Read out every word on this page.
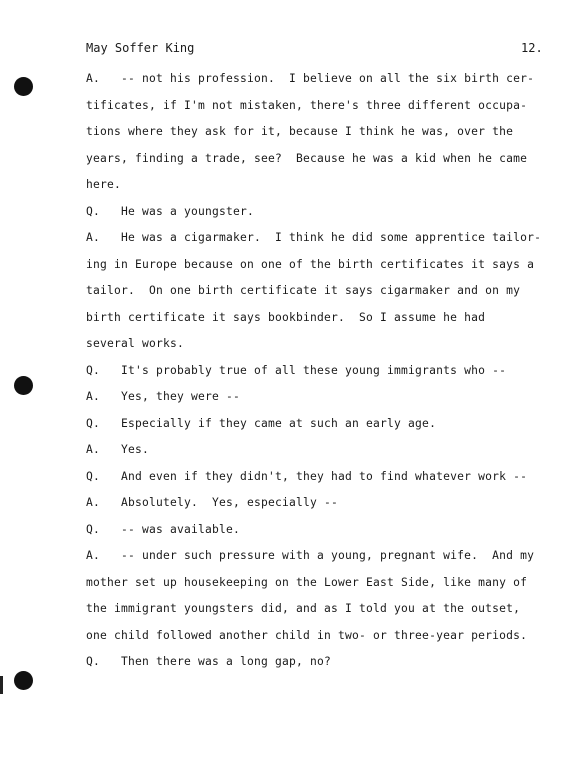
May Soffer King	12.
A.   -- not his profession.  I believe on all the six birth cer-
tificates, if I'm not mistaken, there's three different occupa-
tions where they ask for it, because I think he was, over the
years, finding a trade, see?  Because he was a kid when he came
here.
Q.   He was a youngster.
A.   He was a cigarmaker.  I think he did some apprentice tailor-
ing in Europe because on one of the birth certificates it says a
tailor.  On one birth certificate it says cigarmaker and on my
birth certificate it says bookbinder.  So I assume he had
several works.
Q.   It's probably true of all these young immigrants who --
A.   Yes, they were --
Q.   Especially if they came at such an early age.
A.   Yes.
Q.   And even if they didn't, they had to find whatever work --
A.   Absolutely.  Yes, especially --
Q.   -- was available.
A.   -- under such pressure with a young, pregnant wife.  And my
mother set up housekeeping on the Lower East Side, like many of
the immigrant youngsters did, and as I told you at the outset,
one child followed another child in two- or three-year periods.
Q.   Then there was a long gap, no?
